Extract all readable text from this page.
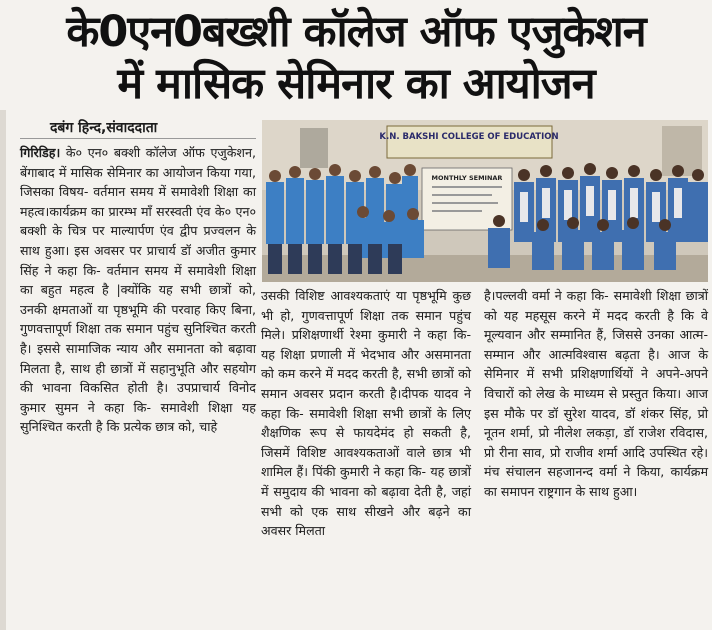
के0एन0बख्शी कॉलेज ऑफ एजुकेशन
में मासिक सेमिनार का आयोजन
दबंग हिन्द,संवाददाता
गिरिडिह। के० एन० बक्शी कॉलेज ऑफ एजुकेशन, बेंगाबाद में मासिक सेमिनार का आयोजन किया गया, जिसका विषय- वर्तमान समय में समावेशी शिक्षा का महत्व।कार्यक्रम का प्रारम्भ माँ सरस्वती एंव के० एन० बक्शी के चित्र पर माल्यार्पण एंव द्वीप प्रज्वलन के साथ हुआ। इस अवसर पर प्राचार्य डॉ अजीत कुमार सिंह ने कहा कि- वर्तमान समय में समावेशी शिक्षा का बहुत महत्व है |क्योंकि यह सभी छात्रों को, उनकी क्षमताओं या पृष्ठभूमि की परवाह किए बिना, गुणवत्तापूर्ण शिक्षा तक समान पहुंच सुनिश्चित करती है। इससे सामाजिक न्याय और समानता को बढ़ावा मिलता है, साथ ही छात्रों में सहानुभूति और सहयोग की भावना विकसित होती है। उपप्राचार्य विनोद कुमार सुमन ने कहा कि- समावेशी शिक्षा यह सुनिश्चित करती है कि प्रत्येक छात्र को, चाहे
K.N. BAKSHI COLLEGE OF EDUCATION
MONTHLY SEMINAR
उसकी विशिष्ट आवश्यकताएं या पृष्ठभूमि कुछ भी हो, गुणवत्तापूर्ण शिक्षा तक समान पहुंच मिले। प्रशिक्षणार्थी रेश्मा कुमारी ने कहा कि- यह शिक्षा प्रणाली में भेदभाव और असमानता को कम करने में मदद करती है, सभी छात्रों को समान अवसर प्रदान करती है।दीपक यादव ने कहा कि- समावेशी शिक्षा सभी छात्रों के लिए शैक्षणिक रूप से फायदेमंद हो सकती है, जिसमें विशिष्ट आवश्यकताओं वाले छात्र भी शामिल हैं। पिंकी कुमारी ने कहा कि- यह छात्रों में समुदाय की भावना को बढ़ावा देती है, जहां सभी को एक साथ सीखने और बढ़ने का अवसर मिलता
है।पल्लवी वर्मा ने कहा कि- समावेशी शिक्षा छात्रों को यह महसूस करने में मदद करती है कि वे मूल्यवान और सम्मानित हैं, जिससे उनका आत्म-सम्मान और आत्मविश्वास बढ़ता है। आज के सेमिनार में सभी प्रशिक्षणार्थियों ने अपने-अपने विचारों को लेख के माध्यम से प्रस्तुत किया। आज इस मौके पर डॉ सुरेश यादव, डॉ शंकर सिंह, प्रो नूतन शर्मा, प्रो नीलेश लकड़ा, डॉ राजेश रविदास, प्रो रीना साव, प्रो राजीव शर्मा आदि उपस्थित रहे। मंच संचालन सहजानन्द वर्मा ने किया, कार्यक्रम का समापन राष्ट्रगान के साथ हुआ।
